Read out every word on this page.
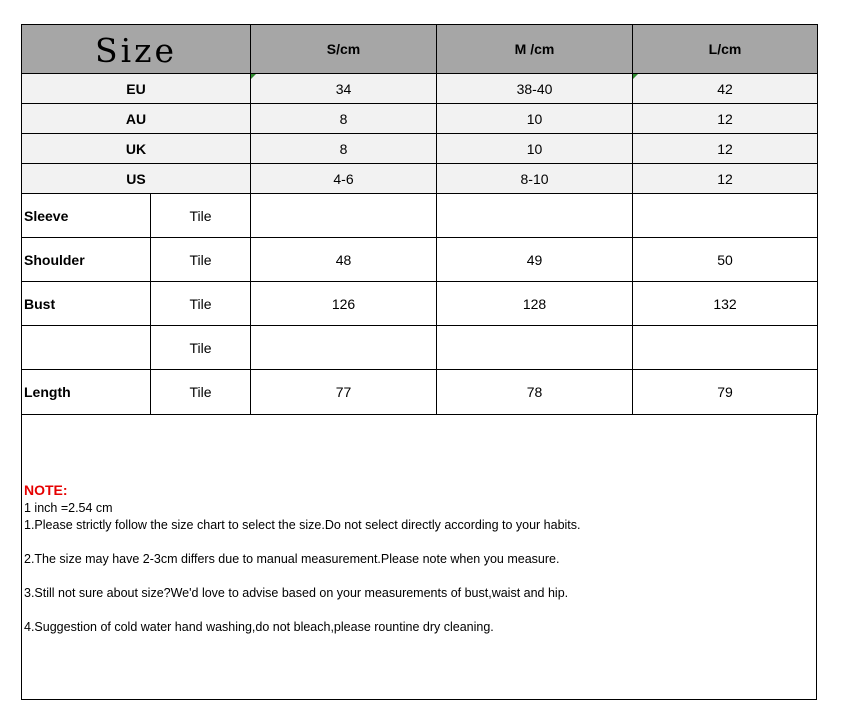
Size		S/cm	M /cm	L/cm
EU		34	38-40	42
AU		8	10	12
UK		8	10	12
US		4-6	8-10	12
Sleeve	Tile			
Shoulder	Tile	48	49	50
Bust	Tile	126	128	132
	Tile			
Length	Tile	77	78	79
NOTE:
1 inch =2.54 cm
1.Please strictly follow the size chart to select the size.Do not select directly according to your habits.
2.The size may have 2-3cm differs due to manual measurement.Please note when you measure.
3.Still not sure about size?We'd love to advise based on your measurements of bust,waist and hip.
4.Suggestion of cold water hand washing,do not bleach,please rountine dry cleaning.
